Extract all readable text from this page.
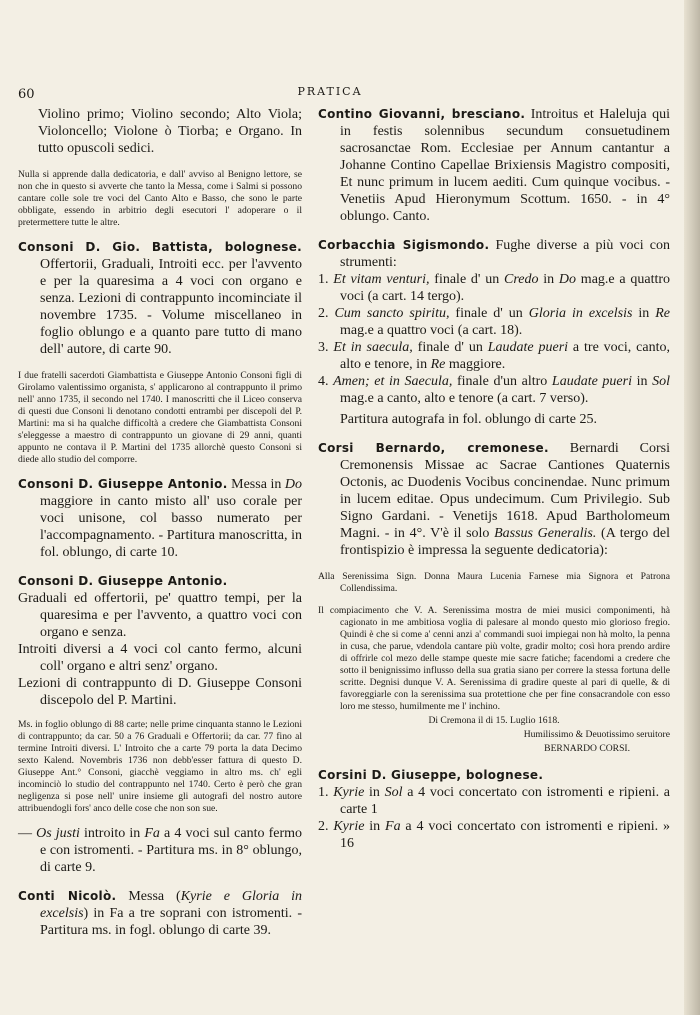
60	PRATICA

Violino primo; Violino secondo; Alto Viola; Violoncello; Violone ò Tiorba; e Organo. In tutto opuscoli sedici.

Nulla si apprende dalla dedicatoria, e dall' avviso al Benigno lettore, se non che in questo si avverte che tanto la Messa, come i Salmi si possono cantare colle sole tre voci del Canto Alto e Basso, che sono le parte obbligate, essendo in arbitrio degli esecutori l' adoperare o il pretermettere tutte le altre.

Consoni D. Gio. Battista, bolognese. Offertorii, Graduali, Introiti ecc. per l'avvento e per la quaresima a 4 voci con organo e senza. Lezioni di contrappunto incominciate il novembre 1735. - Volume miscellaneo in foglio oblungo e a quanto pare tutto di mano dell' autore, di carte 90.

I due fratelli sacerdoti Giambattista e Giuseppe Antonio Consoni figli di Girolamo valentissimo organista, s' applicarono al contrappunto il primo nell' anno 1735, il secondo nel 1740. I manoscritti che il Liceo conserva di questi due Consoni li denotano condotti entrambi per discepoli del P. Martini: ma si ha qualche difficoltà a credere che Giambattista Consoni s'eleggesse a maestro di contrappunto un giovane di 29 anni, quanti appunto ne contava il P. Martini del 1735 allorchè questo Consoni si diede allo studio del comporre.

Consoni D. Giuseppe Antonio. Messa in Do maggiore in canto misto all' uso corale per voci unisone, col basso numerato per l'accompagnamento. - Partitura manoscritta, in fol. oblungo, di carte 10.

Consoni D. Giuseppe Antonio.
Graduali ed offertorii, pe' quattro tempi, per la quaresima e per l'avvento, a quattro voci con organo e senza.
Introiti diversi a 4 voci col canto fermo, alcuni coll' organo e altri senz' organo.
Lezioni di contrappunto di D. Giuseppe Consoni discepolo del P. Martini.

Ms. in foglio oblungo di 88 carte; nelle prime cinquanta stanno le Lezioni di contrappunto; da car. 50 a 76 Graduali e Offertorii; da car. 77 fino al termine Introiti diversi. L' Introito che a carte 79 porta la data Decimo sexto Kalend. Novembris 1736 non debb'esser fattura di questo D. Giuseppe Ant.° Consoni, giacchè veggiamo in altro ms. ch' egli incominciò lo studio del contrappunto nel 1740. Certo è però che gran negligenza si pose nell' unire insieme gli autografi del nostro autore attribuendogli fors' anco delle cose che non son sue.

— Os justi introito in Fa a 4 voci sul canto fermo e con istromenti. - Partitura ms. in 8° oblungo, di carte 9.

Conti Nicolò. Messa (Kyrie e Gloria in excelsis) in Fa a tre soprani con istromenti. - Partitura ms. in fogl. oblungo di carte 39.

Contino Giovanni, bresciano. Introitus et Haleluja qui in festis solennibus secundum consuetudinem sacrosanctae Rom. Ecclesiae per Annum cantantur a Johanne Contino Capellae Brixiensis Magistro compositi, Et nunc primum in lucem aediti. Cum quinque vocibus. - Venetiis Apud Hieronymum Scottum. 1650. - in 4° oblungo. Canto.

Corbacchia Sigismondo. Fughe diverse a più voci con strumenti:
1. Et vitam venturi, finale d' un Credo in Do mag.e a quattro voci (a cart. 14 tergo).
2. Cum sancto spiritu, finale d' un Gloria in excelsis in Re mag.e a quattro voci (a cart. 18).
3. Et in saecula, finale d' un Laudate pueri a tre voci, canto, alto e tenore, in Re maggiore.
4. Amen; et in Saecula, finale d'un altro Laudate pueri in Sol mag.e a canto, alto e tenore (a cart. 7 verso).
Partitura autografa in fol. oblungo di carte 25.

Corsi Bernardo, cremonese. Bernardi Corsi Cremonensis Missae ac Sacrae Cantiones Quaternis Octonis, ac Duodenis Vocibus concinendae. Nunc primum in lucem editae. Opus undecimum. Cum Privilegio. Sub Signo Gardani. - Venetijs 1618. Apud Bartholomeum Magni. - in 4°. V'è il solo Bassus Generalis. (A tergo del frontispizio è impressa la seguente dedicatoria):

Alla Serenissima Sign. Donna Maura Lucenia Farnese mia Signora et Patrona Collendissima.

Il compiacimento che V. A. Serenissima mostra de miei musici componimenti, hà cagionato in me ambitiosa voglia di palesare al mondo questo mio glorioso fregio. Quindi è che si come a' cenni anzi a' commandi suoi impiegai non hà molto, la penna in cusa, che parue, vdendola cantare più volte, gradir molto; così hora prendo ardire di offrirle col mezo delle stampe queste mie sacre fatiche; facendomi a credere che sotto il benignissimo influsso della sua gratia siano per correre la stessa fortuna delle scritte. Degnisi dunque V. A. Serenissima di gradire queste al pari di quelle, & di favoreggiarle con la serenissima sua protettione che per fine consacrandole con esso loro me stesso, humilmente me l' inchino.

Di Cremona il di 15. Luglio 1618.
Humilissimo & Deuotissimo seruitore
BERNARDO CORSI.
Corsini D. Giuseppe, bolognese.
1. Kyrie in Sol a 4 voci concertato con istromenti e ripieni. a carte 1
2. Kyrie in Fa a 4 voci concertato con istromenti e ripieni. » 16
